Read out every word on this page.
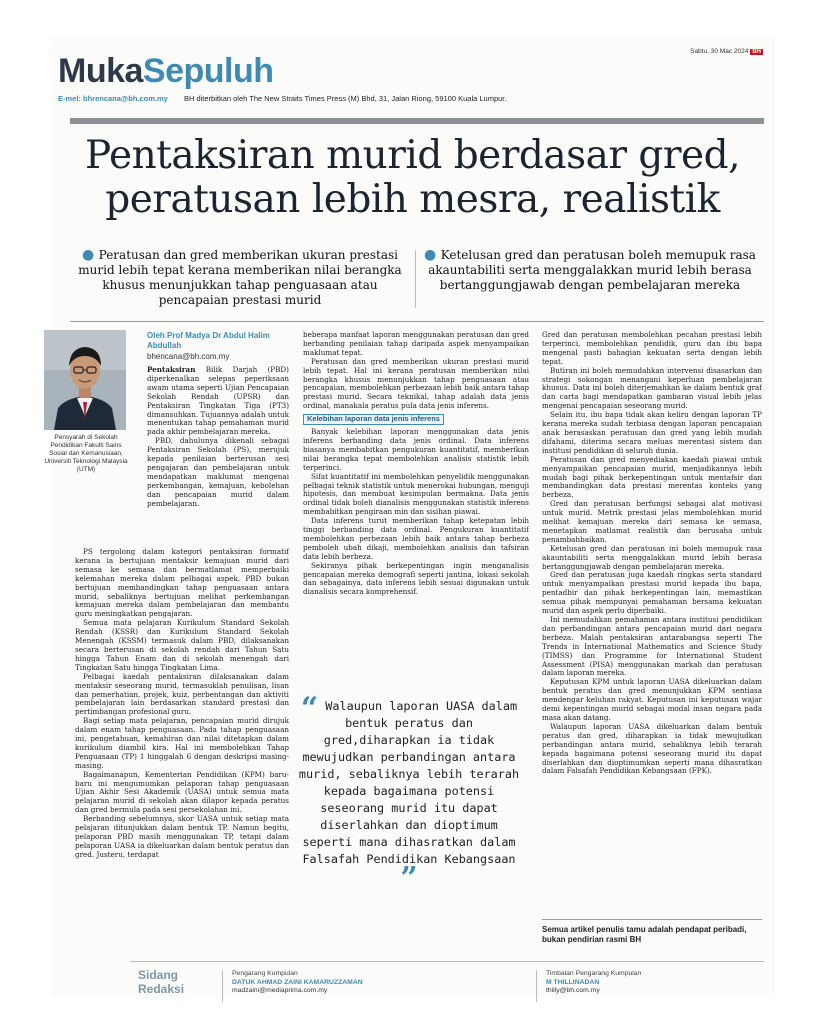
Sabtu, 30 Mac 2024 BH
MukaSepuluh
E-mel: bhrencana@bh.com.my BH diterbitkan oleh The New Straits Times Press (M) Bhd, 31, Jalan Riong, 59100 Kuala Lumpur.
Pentaksiran murid berdasar gred,
peratusan lebih mesra, realistik
● Peratusan dan gred memberikan ukuran prestasi murid lebih tepat kerana memberikan nilai berangka khusus menunjukkan tahap penguasaan atau pencapaian prestasi murid
● Ketelusan gred dan peratusan boleh memupuk rasa akauntabiliti serta menggalakkan murid lebih berasa bertanggungjawab dengan pembelajaran mereka
Pensyarah di Sekolah Pendidikan Fakulti Sains Sosial dan Kemanusiaan, Universiti Teknologi Malaysia (UTM)
Oleh Prof Madya Dr Abdul Halim Abdullah
bhencana@bh.com.my

Pentaksiran Bilik Darjah (PBD) diperkenalkan selepas peperiksaan awam utama seperti Ujian Pencapaian Sekolah Rendah (UPSR) dan Pentaksiran Tingkatan Tiga (PT3) dimansuhkan. Tujuannya adalah untuk menentukan tahap pemahaman murid pada akhir pembelajaran mereka.

PBD, dahulunya dikenali sebagai Pentaksiran Sekolah (PS), merujuk kepada penilaian berterusan sesi pengajaran dan pembelajaran untuk mendapatkan maklumat mengenai perkembangan, kemajuan, kebolehan dan pencapaian murid dalam pembelajaran.

PS tergolong dalam kategori pentaksiran formatif kerana ia bertujuan mentaksir kemajuan murid dari semasa ke semasa dan bermatlamat memperbaiki kelemahan mereka dalam pelbagai aspek. PBD bukan bertujuan membandingkan tahap penguasaan antara murid, sebaliknya bertujuan melihat perkembangan kemajuan mereka dalam pembelajaran dan membantu guru meningkatkan pengajaran.

Semua mata pelajaran Kurikulum Standard Sekolah Rendah (KSSR) dan Kurikulum Standard Sekolah Menengah (KSSM) termasuk dalam PBD, dilaksanakan secara berterusan di sekolah rendah dari Tahun Satu hingga Tahun Enam dan di sekolah menengah dari Tingkatan Satu hingga Tingkatan Lima.

Pelbagai kaedah pentaksiran dilaksanakan dalam mentaksir seseorang murid, termasuklah penulisan, lisan dan pemerhatian, projek, kuiz, perbentangan dan aktiviti pembelajaran lain berdasarkan standard prestasi dan pertimbangan profesional guru.

Bagi setiap mata pelajaran, pencapaian murid dirujuk dalam enam tahap penguasaan. Pada tahap penguasaan ini, pengetahuan, kemahiran dan nilai ditetapkan dalam kurikulum diambil kira. Hal ini membolehkan Tahap Penguasaan (TP) 1 hinggalah 6 dengan deskripsi masing-masing.

Bagaimanapun, Kementerian Pendidikan (KPM) baru-baru ini mengumumkan pelaporan tahap penguasaan Ujian Akhir Sesi Akademik (UASA) untuk semua mata pelajaran murid di sekolah akan dilapor kepada peratus dan gred bermula pada sesi persekolahan ini.

Berbanding sebelumnya, skor UASA untuk setiap mata pelajaran ditunjukkan dalam bentuk TP. Namun begitu, pelaporan PBD masih menggunakan TP, tetapi dalam pelaporan UASA ia dikeluarkan dalam bentuk peratus dan gred. Justeru, terdapat

beberapa manfaat laporan menggunakan peratusan dan gred berbanding penilaian tahap daripada aspek menyampaikan maklumat tepat.

Peratusan dan gred memberikan ukuran prestasi murid lebih tepat. Hal ini kerana peratusan memberikan nilai berangka khusus menunjukkan tahap penguasaan atau pencapaian, membolehkan perbezaan lebih baik antara tahap prestasi murid. Secara teknikal, tahap adalah data jenis ordinal, manakala peratus pula data jenis inferens.

Kelebihan laporan data jenis inferens

Banyak kelebihan laporan menggunakan data jenis inferens berbanding data jenis ordinal. Data inferens biasanya membabitkan pengukuran kuantitatif, memberikan nilai berangka tepat membolehkan analisis statistik lebih terperinci.

Sifat kuantitatif ini membolehkan penyelidik menggunakan pelbagai teknik statistik untuk menerokai hubungan, menguji hipotesis, dan membuat kesimpulan bermakna. Data jenis ordinal tidak boleh dianalisis menggunakan statistik inferens membabitkan pengiraan min dan sisihan piawai.

Data inferens turut memberikan tahap ketepatan lebih tinggi berbanding data ordinal. Pengukuran kuantitatif membolehkan perbezaan lebih baik antara tahap berbeza pemboleh ubah dikaji, membolehkan analisis dan tafsiran data lebih berbeza.

Sekiranya pihak berkepentingan ingin menganalisis pencapaian mereka demografi seperti jantina, lokasi sekolah dan sebagainya, data inferens lebih sesuai digunakan untuk dianalisis secara komprehensif.

“ Walaupun laporan UASA dalam bentuk peratus dan gred,diharapkan ia tidak mewujudkan perbandingan antara murid, sebaliknya lebih terarah kepada bagaimana potensi seseorang murid itu dapat diserlahkan dan dioptimum seperti mana dihasratkan dalam Falsafah Pendidikan Kebangsaan ”

Gred dan peratusan membolehkan pecahan prestasi lebih terperinci, membolehkan pendidik, guru dan ibu bapa mengenal pasti bahagian kekuatan serta dengan lebih tepat.

Butiran ini boleh memudahkan intervensi disasarkan dan strategi sokongan menangani keperluan pembelajaran khusus. Data ini boleh diterjemahkan ke dalam bentuk graf dan carta bagi mendapatkan gambaran visual lebih jelas mengenai pencapaian seseorang murid.

Selain itu, ibu bapa tidak akan keliru dengan laporan TP kerana mereka sudah terbiasa dengan laporan pencapaian anak berasaskan peratusan dan gred yang lebih mudah difahami, diterima secara meluas merentasi sistem dan institusi pendidikan di seluruh dunia.

Peratusan dan gred menyediakan kaedah piawai untuk menyampaikan pencapaian murid, menjadikannya lebih mudah bagi pihak berkepentingan untuk mentafsir dan membandingkan data prestasi merentas konteks yang berbeza.

Gred dan peratusan berfungsi sebagai alat motivasi untuk murid. Metrik prestasi jelas membolehkan murid melihat kemajuan mereka dari semasa ke semasa, menetapkan matlamat realistik dan berusaha untuk penambahbaikan.

Ketelusan gred dan peratusan ini boleh memupuk rasa akauntabiliti serta menggalakkan murid lebih berasa bertanggungjawab dengan pembelajaran mereka.

Gred dan peratusan juga kaedah ringkas serta standard untuk menyampaikan prestasi murid kepada ibu bapa, pentadbir dan pihak berkepentingan lain, memastikan semua pihak mempunyai pemahaman bersama kekuatan murid dan aspek perlu diperbaiki.

Ini memudahkan pemahaman antara institusi pendidikan dan perbandingan antara pencapaian murid dari negara berbeza. Malah pentaksiran antarabangsa seperti The Trends in International Mathematics and Science Study (TIMSS) dan Programme for International Student Assessment (PISA) menggunakan markah dan peratusan dalam laporan mereka.

Keputusan KPM untuk laporan UASA dikeluarkan dalam bentuk peratus dan gred menunjukkan KPM sentiasa mendengar keluhan rakyat. Keputusan ini keputusan wajar demi kepentingan murid sebagai modal insan negara pada masa akan datang.

Walaupun laporan UASA dikeluarkan dalam bentuk peratus dan gred, diharapkan ia tidak mewujudkan perbandingan antara murid, sebaliknya lebih terarah kepada bagaimana potensi seseorang murid itu dapat diserlahkan dan dioptimumkan seperti mana dihasratkan dalam Falsafah Pendidikan Kebangsaan (FPK).

Semua artikel penulis tamu adalah pendapat peribadi, bukan pendirian rasmi BH
Sidang
Redaksi
Pengarang Kumpulan
DATUK AHMAD ZAINI KAMARUZZAMAN
madzaini@mediaprima.com.my
Timbalan Pengarang Kumpulan
M THILLINADAN
thilly@bh.com.my
